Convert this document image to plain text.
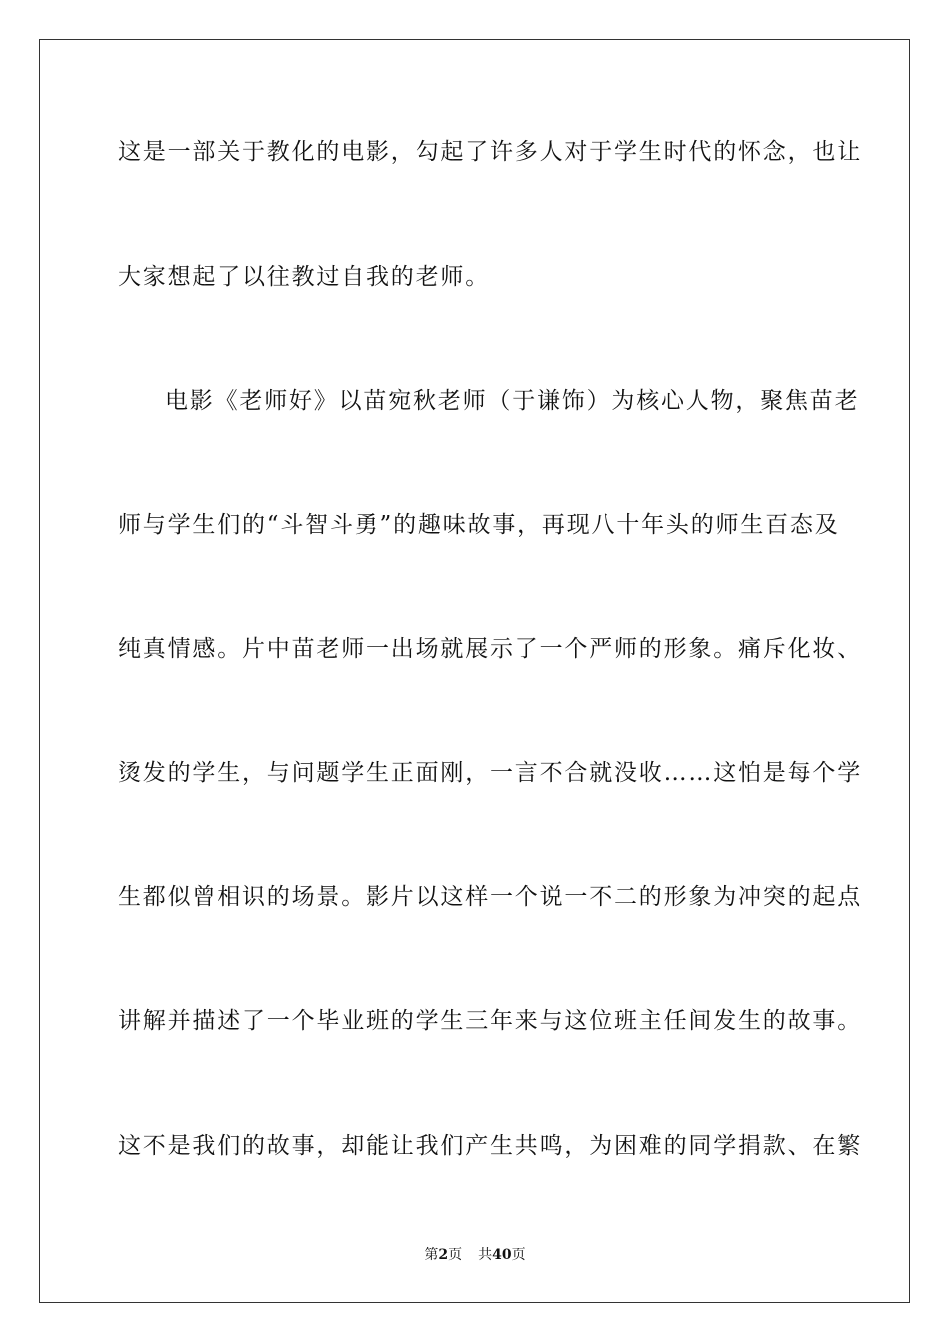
这是一部关于教化的电影，勾起了许多人对于学生时代的怀念，也让
大家想起了以往教过自我的老师。
电影《老师好》以苗宛秋老师（于谦饰）为核心人物，聚焦苗老
师与学生们的“斗智斗勇”的趣味故事，再现八十年头的师生百态及
纯真情感。片中苗老师一出场就展示了一个严师的形象。痛斥化妆、
烫发的学生，与问题学生正面刚，一言不合就没收……这怕是每个学
生都似曾相识的场景。影片以这样一个说一不二的形象为冲突的起点
讲解并描述了一个毕业班的学生三年来与这位班主任间发生的故事。
这不是我们的故事，却能让我们产生共鸣，为困难的同学捐款、在繁
第2页 共40页
